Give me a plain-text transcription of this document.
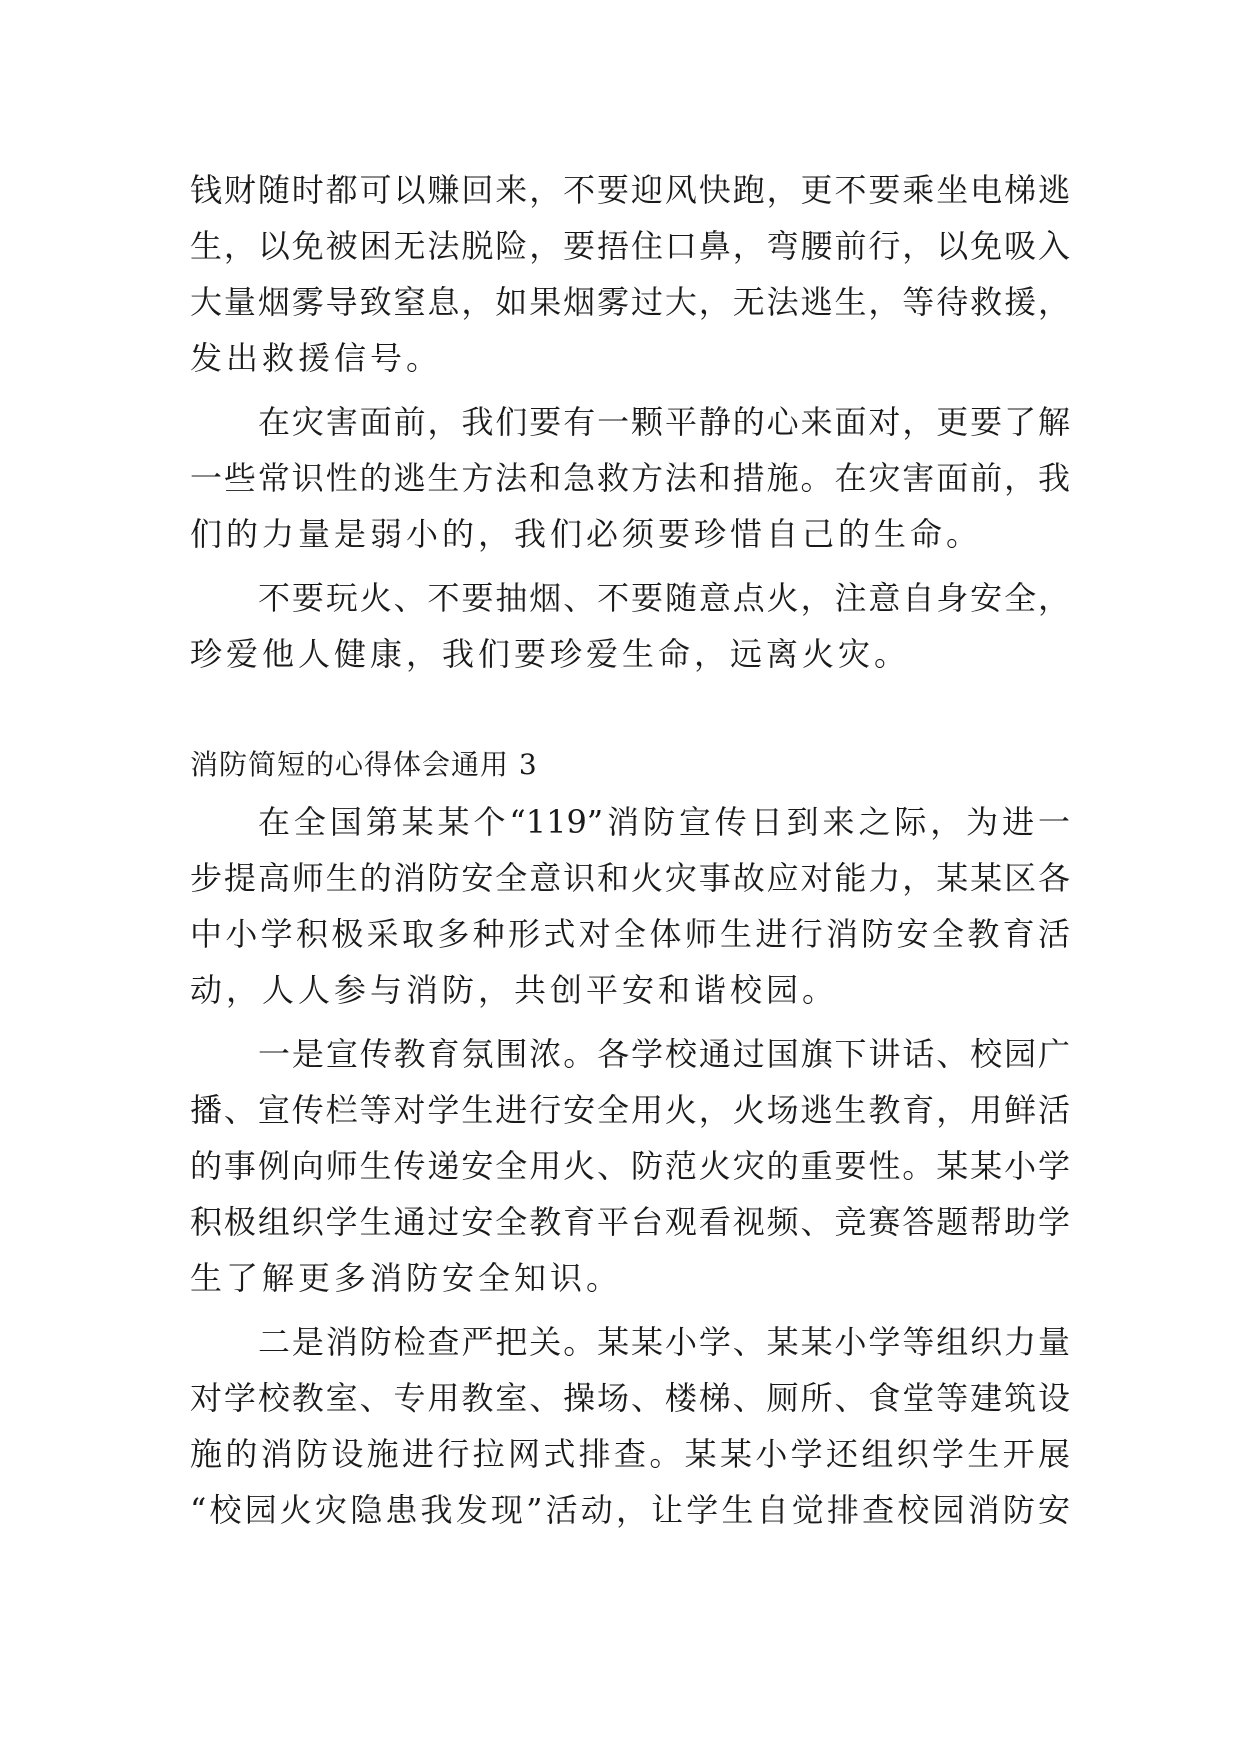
钱财随时都可以赚回来，不要迎风快跑，更不要乘坐电梯逃
生，以免被困无法脱险，要捂住口鼻，弯腰前行，以免吸入
大量烟雾导致窒息，如果烟雾过大，无法逃生，等待救援，
发出救援信号。
在灾害面前，我们要有一颗平静的心来面对，更要了解
一些常识性的逃生方法和急救方法和措施。在灾害面前，我
们的力量是弱小的，我们必须要珍惜自己的生命。
不要玩火、不要抽烟、不要随意点火，注意自身安全，
珍爱他人健康，我们要珍爱生命，远离火灾。
消防简短的心得体会通用 3
在全国第某某个“119”消防宣传日到来之际，为进一
步提高师生的消防安全意识和火灾事故应对能力，某某区各
中小学积极采取多种形式对全体师生进行消防安全教育活
动，人人参与消防，共创平安和谐校园。
一是宣传教育氛围浓。各学校通过国旗下讲话、校园广
播、宣传栏等对学生进行安全用火，火场逃生教育，用鲜活
的事例向师生传递安全用火、防范火灾的重要性。某某小学
积极组织学生通过安全教育平台观看视频、竞赛答题帮助学
生了解更多消防安全知识。
二是消防检查严把关。某某小学、某某小学等组织力量
对学校教室、专用教室、操场、楼梯、厕所、食堂等建筑设
施的消防设施进行拉网式排查。某某小学还组织学生开展
“校园火灾隐患我发现”活动，让学生自觉排查校园消防安
